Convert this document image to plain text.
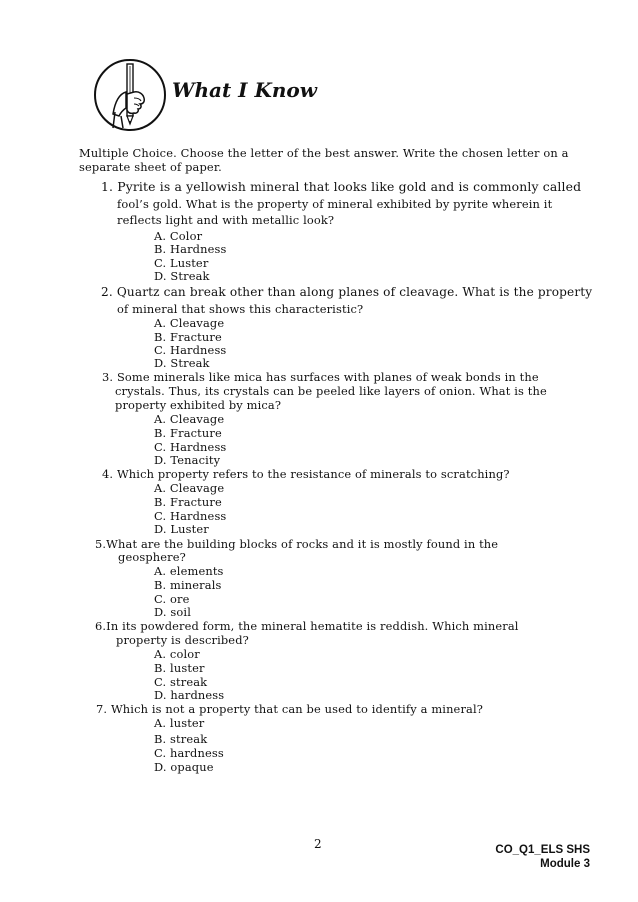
What I Know
Multiple Choice. Choose the letter of the best answer. Write the chosen letter on a
separate sheet of paper.
1. Pyrite is a yellowish mineral that looks like gold and is commonly called
fool’s gold. What is the property of mineral exhibited by pyrite wherein it
reflects light and with metallic look?
A. Color
B. Hardness
C. Luster
D. Streak
2. Quartz can break other than along planes of cleavage. What is the property
of mineral that shows this characteristic?
A. Cleavage
B. Fracture
C. Hardness
D. Streak
3. Some minerals like mica has surfaces with planes of weak bonds in the
crystals. Thus, its crystals can be peeled like layers of onion. What is the
property exhibited by mica?
A. Cleavage
B. Fracture
C. Hardness
D. Tenacity
4. Which property refers to the resistance of minerals to scratching?
A. Cleavage
B. Fracture
C. Hardness
D. Luster
5.What are the building blocks of rocks and it is mostly found in the
geosphere?
A. elements
B. minerals
C. ore
D. soil
6.In its powdered form, the mineral hematite is reddish. Which mineral
property is described?
A. color
B. luster
C. streak
D. hardness
7. Which is not a property that can be used to identify a mineral?
A. luster
B. streak
C. hardness
D. opaque
2	CO_Q1_ELS SHS
Module 3
